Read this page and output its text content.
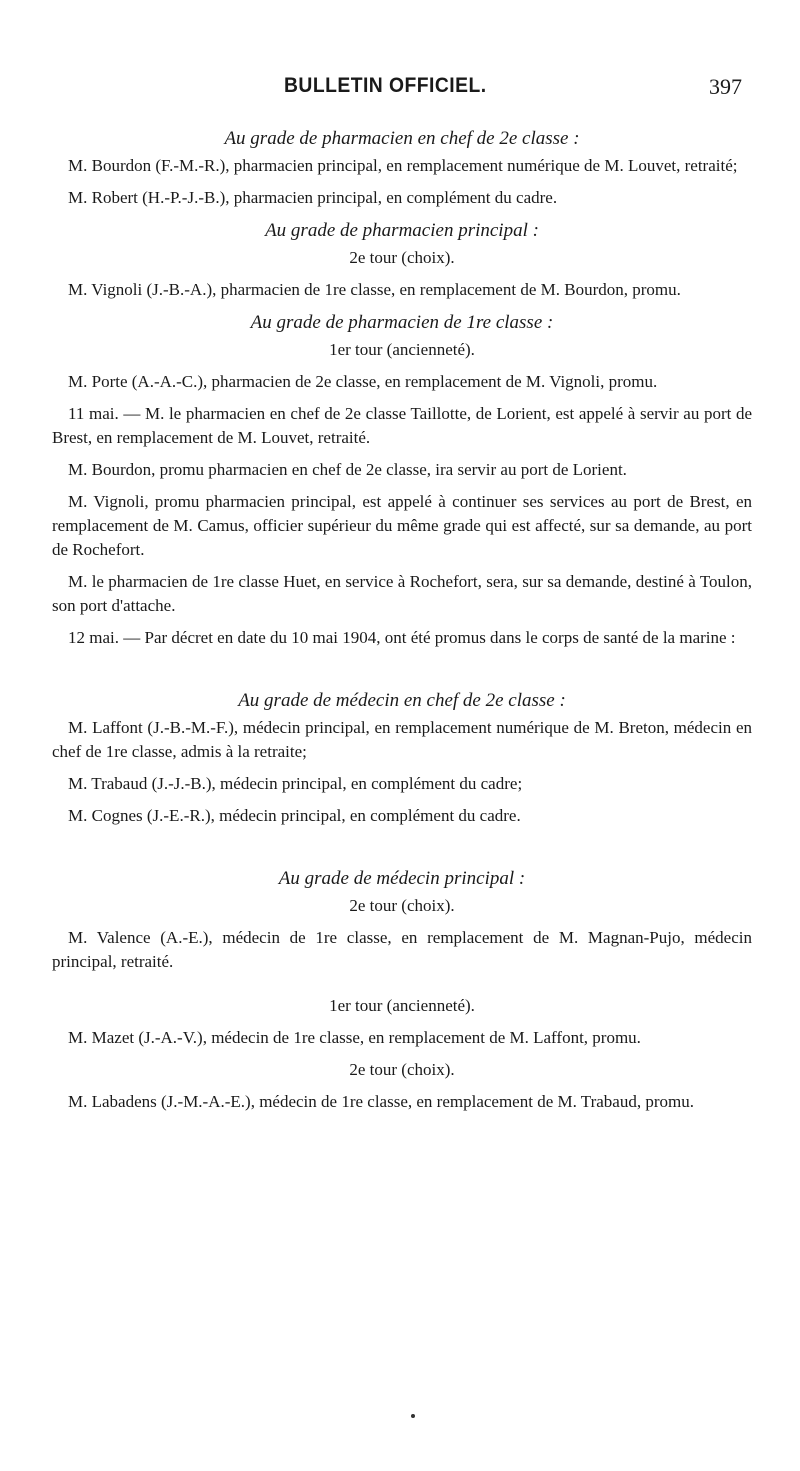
BULLETIN OFFICIEL.	397
Au grade de pharmacien en chef de 2e classe :
M. Bourdon (F.-M.-R.), pharmacien principal, en remplacement numérique de M. Louvet, retraité;
M. Robert (H.-P.-J.-B.), pharmacien principal, en complément du cadre.
Au grade de pharmacien principal :
2e tour (choix).
M. Vignoli (J.-B.-A.), pharmacien de 1re classe, en remplacement de M. Bourdon, promu.
Au grade de pharmacien de 1re classe :
1er tour (ancienneté).
M. Porte (A.-A.-C.), pharmacien de 2e classe, en remplacement de M. Vignoli, promu.
11 mai. — M. le pharmacien en chef de 2e classe Taillotte, de Lorient, est appelé à servir au port de Brest, en remplacement de M. Louvet, retraité.
M. Bourdon, promu pharmacien en chef de 2e classe, ira servir au port de Lorient.
M. Vignoli, promu pharmacien principal, est appelé à continuer ses services au port de Brest, en remplacement de M. Camus, officier supérieur du même grade qui est affecté, sur sa demande, au port de Rochefort.
M. le pharmacien de 1re classe Huet, en service à Rochefort, sera, sur sa demande, destiné à Toulon, son port d'attache.
12 mai. — Par décret en date du 10 mai 1904, ont été promus dans le corps de santé de la marine :
Au grade de médecin en chef de 2e classe :
M. Laffont (J.-B.-M.-F.), médecin principal, en remplacement numérique de M. Breton, médecin en chef de 1re classe, admis à la retraite;
M. Trabaud (J.-J.-B.), médecin principal, en complément du cadre;
M. Cognes (J.-E.-R.), médecin principal, en complément du cadre.
Au grade de médecin principal :
2e tour (choix).
M. Valence (A.-E.), médecin de 1re classe, en remplacement de M. Magnan-Pujo, médecin principal, retraité.
1er tour (ancienneté).
M. Mazet (J.-A.-V.), médecin de 1re classe, en remplacement de M. Laffont, promu.
2e tour (choix).
M. Labadens (J.-M.-A.-E.), médecin de 1re classe, en remplacement de M. Trabaud, promu.
